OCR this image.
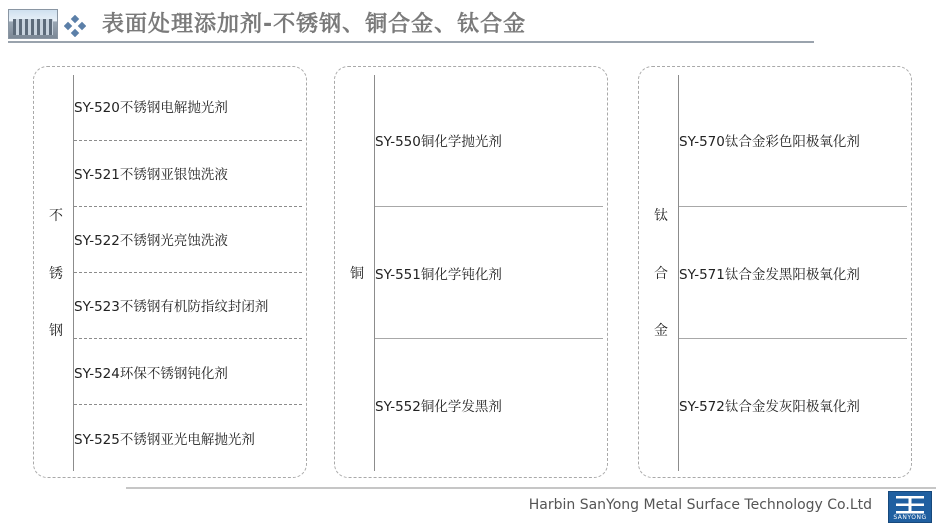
表面处理添加剂-不锈钢、铜合金、钛合金
不
锈
钢
SY-520不锈钢电解抛光剂
SY-521不锈钢亚银蚀洗液
SY-522不锈钢光亮蚀洗液
SY-523不锈钢有机防指纹封闭剂
SY-524环保不锈钢钝化剂
SY-525不锈钢亚光电解抛光剂
铜
SY-550铜化学抛光剂
SY-551铜化学钝化剂
SY-552铜化学发黑剂
钛
合
金
SY-570钛合金彩色阳极氧化剂
SY-571钛合金发黑阳极氧化剂
SY-572钛合金发灰阳极氧化剂
Harbin SanYong Metal Surface Technology Co.Ltd
SANYONG
